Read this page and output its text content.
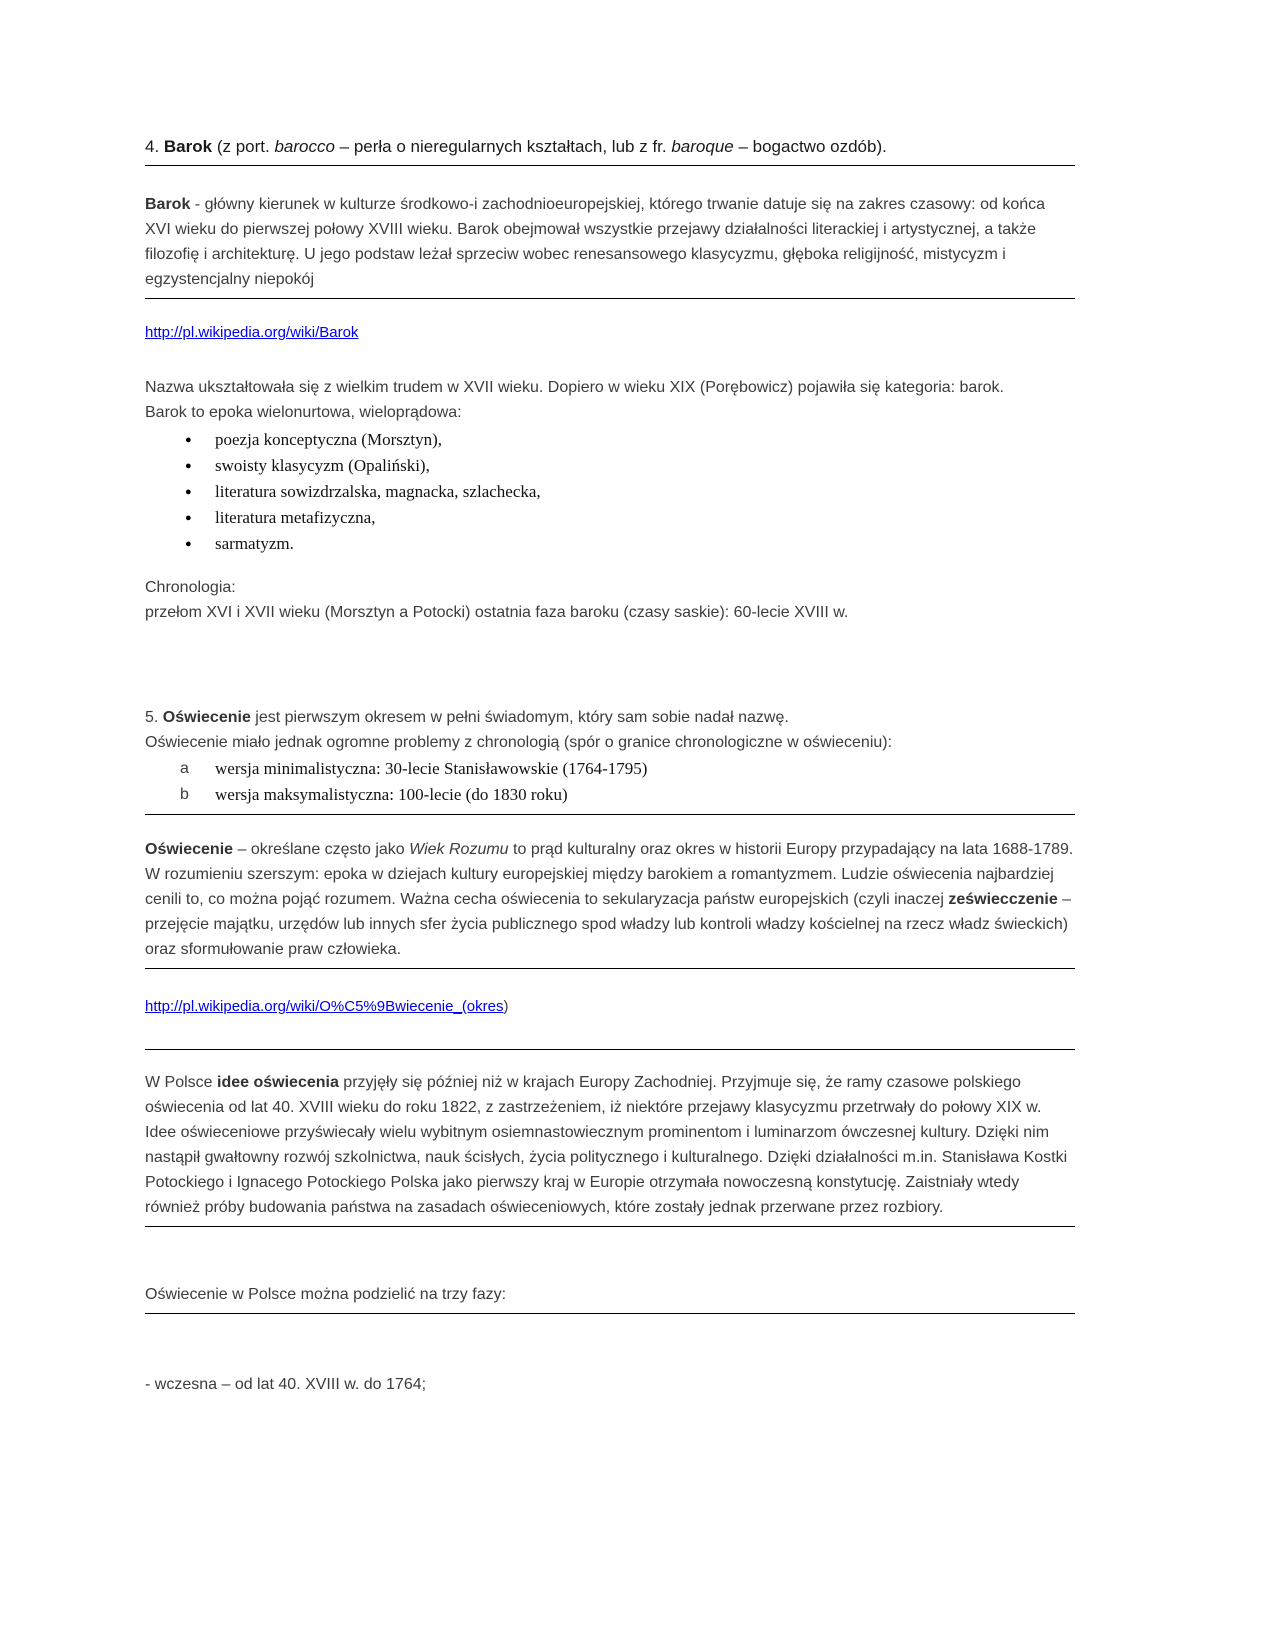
4. Barok (z port. barocco – perła o nieregularnych kształtach, lub z fr. baroque – bogactwo ozdób).

Barok - główny kierunek w kulturze środkowo-i zachodnioeuropejskiej, którego trwanie datuje się na zakres czasowy: od końca XVI wieku do pierwszej połowy XVIII wieku. Barok obejmował wszystkie przejawy działalności literackiej i artystycznej, a także filozofię i architekturę. U jego podstaw leżał sprzeciw wobec renesansowego klasycyzmu, głęboka religijność, mistycyzm i egzystencjalny niepokój

http://pl.wikipedia.org/wiki/Barok

Nazwa ukształtowała się z wielkim trudem w XVII wieku. Dopiero w wieku XIX (Porębowicz) pojawiła się kategoria: barok.
Barok to epoka wielonurtowa, wieloprądowa:

●	poezja konceptyczna (Morsztyn),
●	swoisty klasycyzm (Opaliński),
●	literatura sowizdrzalska, magnacka, szlachecka,
●	literatura metafizyczna,
●	sarmatyzm.

Chronologia:
przełom XVI i XVII wieku (Morsztyn a Potocki) ostatnia faza baroku (czasy saskie): 60-lecie XVIII w.

5. Oświecenie jest pierwszym okresem w pełni świadomym, który sam sobie nadał nazwę.
Oświecenie miało jednak ogromne problemy z chronologią (spór o granice chronologiczne w oświeceniu):

a	wersja minimalistyczna: 30-lecie Stanisławowskie (1764-1795)
b	wersja maksymalistyczna: 100-lecie (do 1830 roku)

Oświecenie – określane często jako Wiek Rozumu to prąd kulturalny oraz okres w historii Europy przypadający na lata 1688-1789. W rozumieniu szerszym: epoka w dziejach kultury europejskiej między barokiem a romantyzmem. Ludzie oświecenia najbardziej cenili to, co można pojąć rozumem. Ważna cecha oświecenia to sekularyzacja państw europejskich (czyli inaczej zeświecczenie – przejęcie majątku, urzędów lub innych sfer życia publicznego spod władzy lub kontroli władzy kościelnej na rzecz władz świeckich) oraz sformułowanie praw człowieka.

http://pl.wikipedia.org/wiki/O%C5%9Bwiecenie_(okres)

W Polsce idee oświecenia przyjęły się później niż w krajach Europy Zachodniej. Przyjmuje się, że ramy czasowe polskiego oświecenia od lat 40. XVIII wieku do roku 1822, z zastrzeżeniem, iż niektóre przejawy klasycyzmu przetrwały do połowy XIX w. Idee oświeceniowe przyświecały wielu wybitnym osiemnastowiecznym prominentom i luminarzom ówczesnej kultury. Dzięki nim nastąpił gwałtowny rozwój szkolnictwa, nauk ścisłych, życia politycznego i kulturalnego. Dzięki działalności m.in. Stanisława Kostki Potockiego i Ignacego Potockiego Polska jako pierwszy kraj w Europie otrzymała nowoczesną konstytucję. Zaistniały wtedy również próby budowania państwa na zasadach oświeceniowych, które zostały jednak przerwane przez rozbiory.

Oświecenie w Polsce można podzielić na trzy fazy:

- wczesna – od lat 40. XVIII w. do 1764;
